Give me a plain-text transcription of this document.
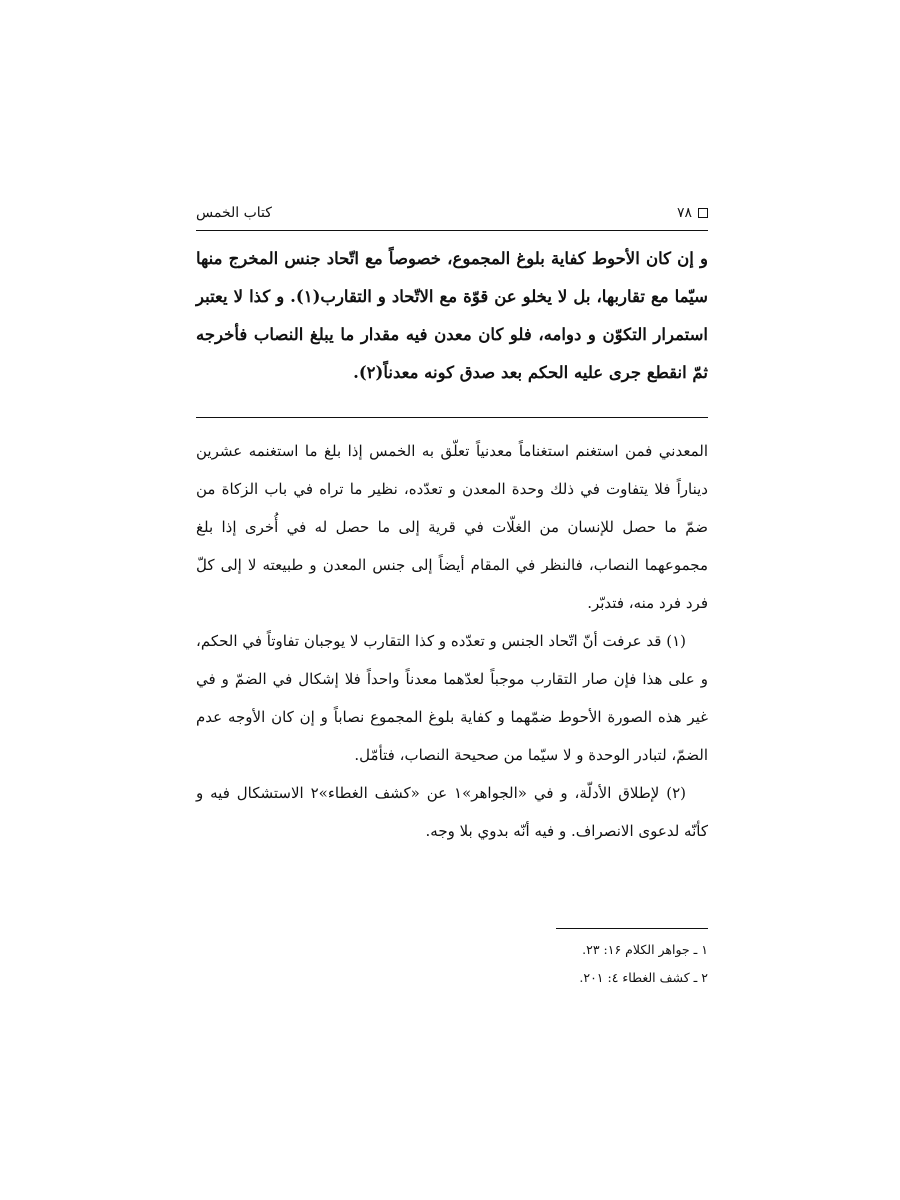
۷۸
كتاب الخمس
و إن كان الأحوط كفاية بلوغ المجموع، خصوصاً مع اتّحاد جنس المخرج منها سيّما مع تقاربها، بل لا يخلو عن قوّة مع الاتّحاد و التقارب(۱). و كذا لا يعتبر استمرار التكوّن و دوامه، فلو كان معدن فيه مقدار ما يبلغ النصاب فأخرجه ثمّ انقطع جرى عليه الحكم بعد صدق كونه معدناً(۲).

المعدني فمن استغنم استغناماً معدنياً تعلّق به الخمس إذا بلغ ما استغنمه عشرين ديناراً فلا يتفاوت في ذلك وحدة المعدن و تعدّده، نظير ما تراه في باب الزكاة من ضمّ ما حصل للإنسان من الغلّات في قرية إلى ما حصل له في أُخرى إذا بلغ مجموعهما النصاب، فالنظر في المقام أيضاً إلى جنس المعدن و طبيعته لا إلى كلّ فرد فرد منه، فتدبّر.

(۱) قد عرفت أنّ اتّحاد الجنس و تعدّده و كذا التقارب لا يوجبان تفاوتاً في الحكم، و على هذا فإن صار التقارب موجباً لعدّهما معدناً واحداً فلا إشكال في الضمّ و في غير هذه الصورة الأحوط ضمّهما و كفاية بلوغ المجموع نصاباً و إن كان الأوجه عدم الضمّ، لتبادر الوحدة و لا سيّما من صحيحة النصاب، فتأمّل.

(۲) لإطلاق الأدلّة، و في «الجواهر»۱ عن «كشف الغطاء»۲ الاستشكال فيه و كأنّه لدعوى الانصراف. و فيه أنّه بدوي بلا وجه.

۱ ـ جواهر الكلام ۱۶: ۲۳.
۲ ـ كشف الغطاء ٤: ۲۰۱.
